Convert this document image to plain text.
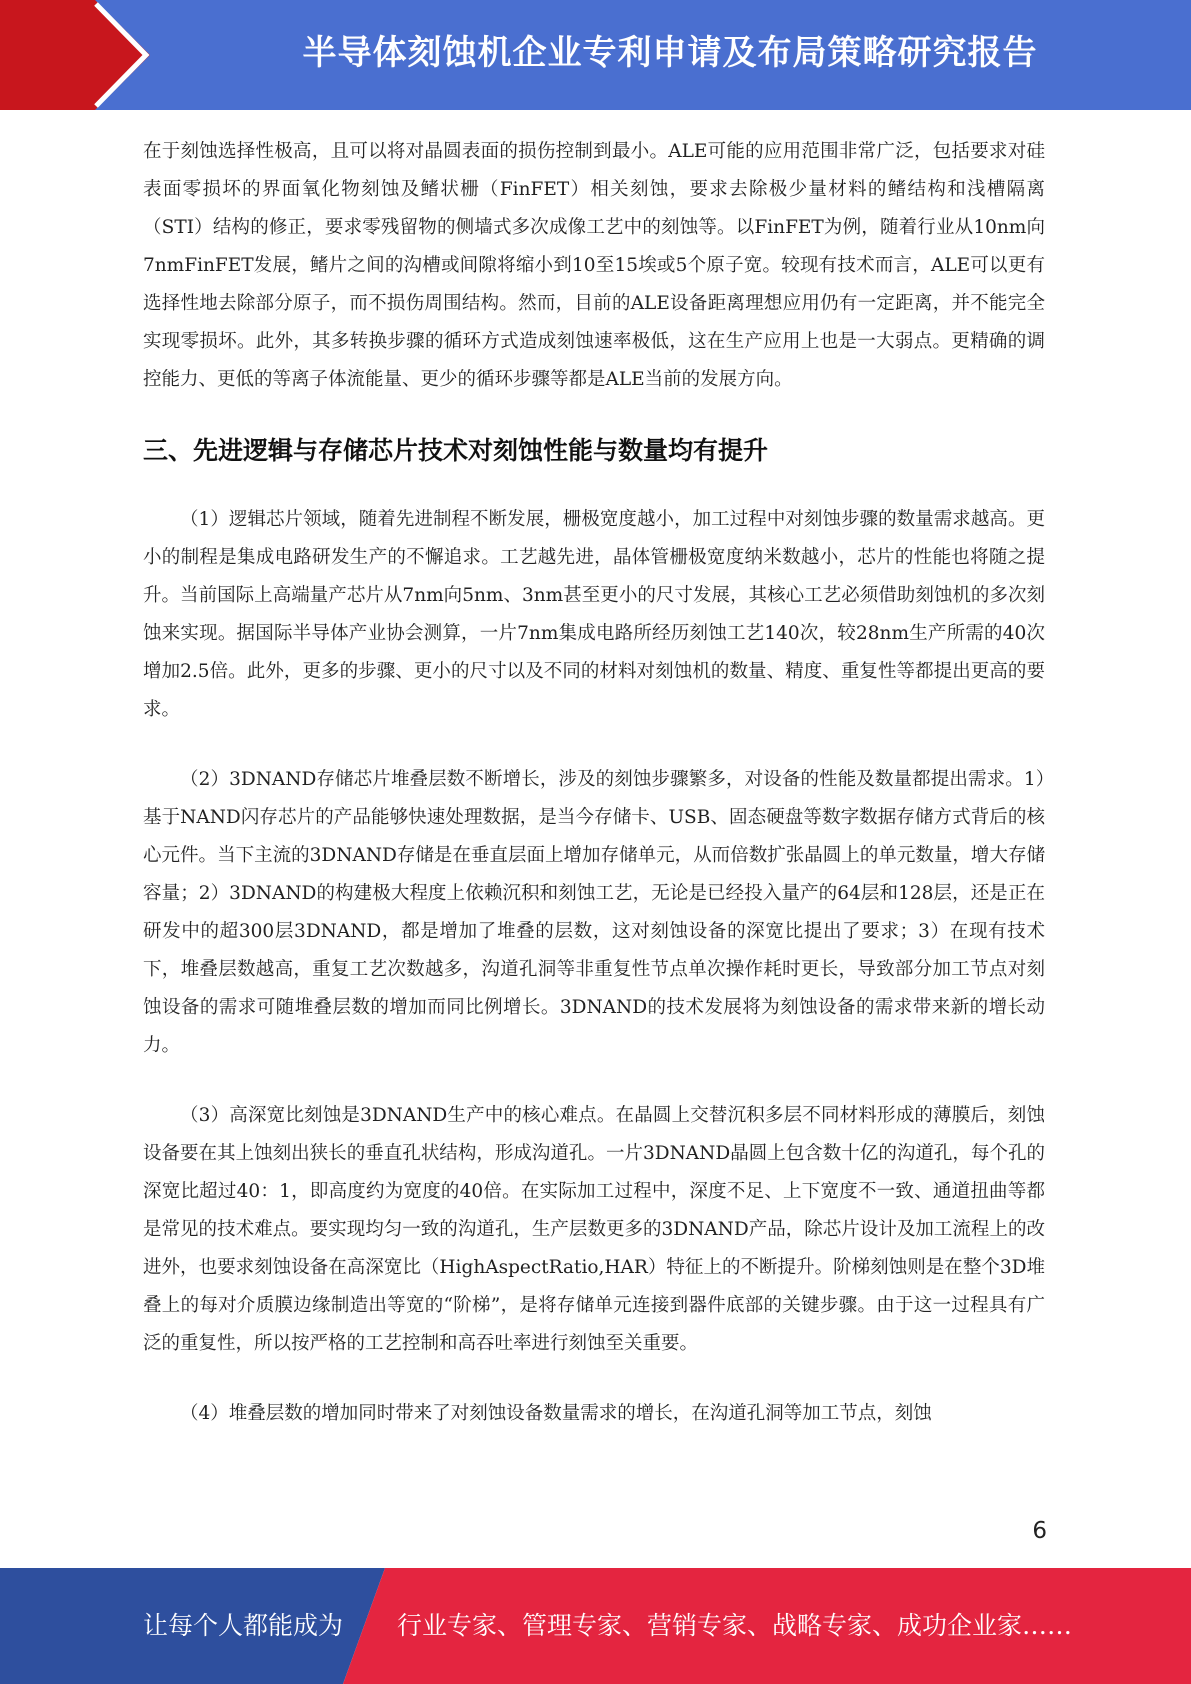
半导体刻蚀机企业专利申请及布局策略研究报告

在于刻蚀选择性极高，且可以将对晶圆表面的损伤控制到最小。ALE可能的应用范围非常广泛，包括要求对硅表面零损坏的界面氧化物刻蚀及鳍状栅（FinFET）相关刻蚀，要求去除极少量材料的鳍结构和浅槽隔离（STI）结构的修正，要求零残留物的侧墙式多次成像工艺中的刻蚀等。以FinFET为例，随着行业从10nm向7nmFinFET发展，鳍片之间的沟槽或间隙将缩小到10至15埃或5个原子宽。较现有技术而言，ALE可以更有选择性地去除部分原子，而不损伤周围结构。然而，目前的ALE设备距离理想应用仍有一定距离，并不能完全实现零损坏。此外，其多转换步骤的循环方式造成刻蚀速率极低，这在生产应用上也是一大弱点。更精确的调控能力、更低的等离子体流能量、更少的循环步骤等都是ALE当前的发展方向。

三、先进逻辑与存储芯片技术对刻蚀性能与数量均有提升

（1）逻辑芯片领域，随着先进制程不断发展，栅极宽度越小，加工过程中对刻蚀步骤的数量需求越高。更小的制程是集成电路研发生产的不懈追求。工艺越先进，晶体管栅极宽度纳米数越小，芯片的性能也将随之提升。当前国际上高端量产芯片从7nm向5nm、3nm甚至更小的尺寸发展，其核心工艺必须借助刻蚀机的多次刻蚀来实现。据国际半导体产业协会测算，一片7nm集成电路所经历刻蚀工艺140次，较28nm生产所需的40次增加2.5倍。此外，更多的步骤、更小的尺寸以及不同的材料对刻蚀机的数量、精度、重复性等都提出更高的要求。

（2）3DNAND存储芯片堆叠层数不断增长，涉及的刻蚀步骤繁多，对设备的性能及数量都提出需求。1）基于NAND闪存芯片的产品能够快速处理数据，是当今存储卡、USB、固态硬盘等数字数据存储方式背后的核心元件。当下主流的3DNAND存储是在垂直层面上增加存储单元，从而倍数扩张晶圆上的单元数量，增大存储容量；2）3DNAND的构建极大程度上依赖沉积和刻蚀工艺，无论是已经投入量产的64层和128层，还是正在研发中的超300层3DNAND，都是增加了堆叠的层数，这对刻蚀设备的深宽比提出了要求；3）在现有技术下，堆叠层数越高，重复工艺次数越多，沟道孔洞等非重复性节点单次操作耗时更长，导致部分加工节点对刻蚀设备的需求可随堆叠层数的增加而同比例增长。3DNAND的技术发展将为刻蚀设备的需求带来新的增长动力。

（3）高深宽比刻蚀是3DNAND生产中的核心难点。在晶圆上交替沉积多层不同材料形成的薄膜后，刻蚀设备要在其上蚀刻出狭长的垂直孔状结构，形成沟道孔。一片3DNAND晶圆上包含数十亿的沟道孔，每个孔的深宽比超过40：1，即高度约为宽度的40倍。在实际加工过程中，深度不足、上下宽度不一致、通道扭曲等都是常见的技术难点。要实现均匀一致的沟道孔，生产层数更多的3DNAND产品，除芯片设计及加工流程上的改进外，也要求刻蚀设备在高深宽比（HighAspectRatio,HAR）特征上的不断提升。阶梯刻蚀则是在整个3D堆叠上的每对介质膜边缘制造出等宽的“阶梯”，是将存储单元连接到器件底部的关键步骤。由于这一过程具有广泛的重复性，所以按严格的工艺控制和高吞吐率进行刻蚀至关重要。

（4）堆叠层数的增加同时带来了对刻蚀设备数量需求的增长，在沟道孔洞等加工节点，刻蚀

6
让每个人都能成为 行业专家、管理专家、营销专家、战略专家、成功企业家……
